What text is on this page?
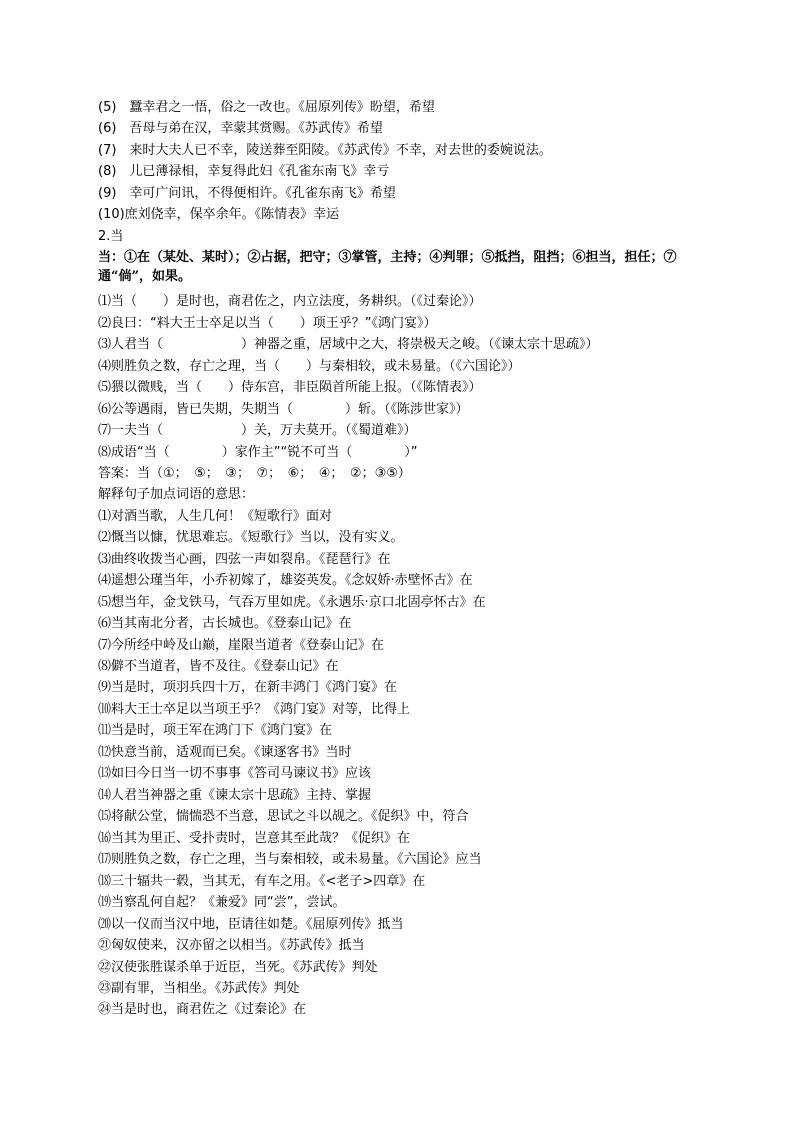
(5)　蠶幸君之一悟，俗之一改也。《屈原列传》盼望，希望
(6)　吾母与弟在汉，幸蒙其赏赐。《苏武传》希望
(7)　来时大夫人已不幸，陵送葬至阳陵。《苏武传》不幸，对去世的委婉说法。
(8)　儿已薄禄相，幸复得此妇《孔雀东南飞》幸亏
(9)　幸可广问讯，不得便相许。《孔雀东南飞》希望
(10)庶刘侥幸，保卒余年。《陈情表》幸运
2.当
当：①在（某处、某时）；②占据，把守；③掌管，主持；④判罪；⑤抵挡，阻挡；⑥担当，担任；⑦通“倘”，如果。
⑴当（　　）是时也，商君佐之，内立法度，务耕织。（《过秦论》）
⑵良曰：“料大王士卒足以当（　　）项王乎？”《鸿门宴》）
⑶人君当（　　　　　　）神器之重，居域中之大，将崇极天之峻。（《谏太宗十思疏》）
⑷则胜负之数，存亡之理，当（　　）与秦相较，或未易量。（《六国论》）
⑸猥以微贱，当（　　）侍东宫，非臣陨首所能上报。（《陈情表》）
⑹公等遇雨，皆已失期，失期当（　　　　）斩。（《陈涉世家》）
⑺一夫当（　　　　　　）关，万夫莫开。（《蜀道难》）
⑻成语“当（　　　　）家作主”“锐不可当（　　　　）”
答案：当（①；　⑤；　③；　⑦；　⑥；　④；　②；③⑤）
解释句子加点词语的意思：
⑴对酒当歌，人生几何！《短歌行》面对
⑵慨当以慷，忧思难忘。《短歌行》当以，没有实义。
⑶曲终收拨当心画，四弦一声如裂帛。《琵琶行》在
⑷遥想公瑾当年，小乔初嫁了，雄姿英发。《念奴娇·赤壁怀古》在
⑸想当年，金戈铁马，气吞万里如虎。《永遇乐·京口北固亭怀古》在
⑹当其南北分者，古长城也。《登泰山记》在
⑺今所经中岭及山巅，崖限当道者《登泰山记》在
⑻僻不当道者，皆不及往。《登泰山记》在
⑼当是时，项羽兵四十万，在新丰鸿门《鸿门宴》在
⑽料大王士卒足以当项王乎？《鸿门宴》对等，比得上
⑾当是时，项王军在鸿门下《鸿门宴》在
⑿快意当前，适观而已矣。《谏逐客书》当时
⒀如曰今日当一切不事事《答司马谏议书》应该
⒁人君当神器之重《谏太宗十思疏》主持、掌握
⒂将献公堂，惴惴恐不当意，思试之斗以觇之。《促织》中，符合
⒃当其为里正、受扑责时，岂意其至此哉？《促织》在
⒄则胜负之数，存亡之理，当与秦相较，或未易量。《六国论》应当
⒅三十辐共一毂，当其无，有车之用。《<老子>四章》在
⒆当察乱何自起？《兼爱》同“尝”，尝试。
⒇以一仪而当汉中地，臣请往如楚。《屈原列传》抵当
㉑匈奴使来，汉亦留之以相当。《苏武传》抵当
㉒汉使张胜谋杀单于近臣，当死。《苏武传》判处
㉓副有罪，当相坐。《苏武传》判处
㉔当是时也，商君佐之《过秦论》在
